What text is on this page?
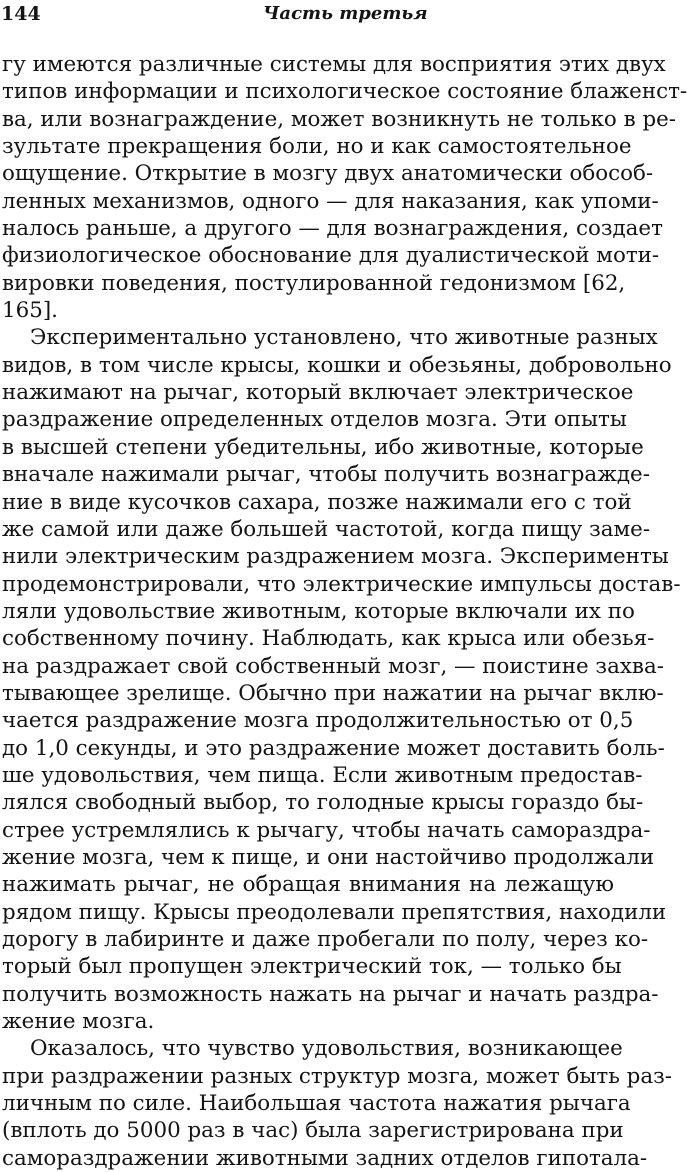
144	Часть третья
гу имеются различные системы для восприятия этих двух
типов информации и психологическое состояние блаженст-
ва, или вознаграждение, может возникнуть не только в ре-
зультате прекращения боли, но и как самостоятельное
ощущение. Открытие в мозгу двух анатомически обособ-
ленных механизмов, одного — для наказания, как упоми-
налось раньше, а другого — для вознаграждения, создает
физиологическое обоснование для дуалистической моти-
вировки поведения, постулированной гедонизмом [62,
165].
Экспериментально установлено, что животные разных
видов, в том числе крысы, кошки и обезьяны, добровольно
нажимают на рычаг, который включает электрическое
раздражение определенных отделов мозга. Эти опыты
в высшей степени убедительны, ибо животные, которые
вначале нажимали рычаг, чтобы получить вознагражде-
ние в виде кусочков сахара, позже нажимали его с той
же самой или даже большей частотой, когда пищу заме-
нили электрическим раздражением мозга. Эксперименты
продемонстрировали, что электрические импульсы достав-
ляли удовольствие животным, которые включали их по
собственному почину. Наблюдать, как крыса или обезья-
на раздражает свой собственный мозг, — поистине захва-
тывающее зрелище. Обычно при нажатии на рычаг вклю-
чается раздражение мозга продолжительностью от 0,5
до 1,0 секунды, и это раздражение может доставить боль-
ше удовольствия, чем пища. Если животным предостав-
лялся свободный выбор, то голодные крысы гораздо бы-
стрее устремлялись к рычагу, чтобы начать самораздра-
жение мозга, чем к пище, и они настойчиво продолжали
нажимать рычаг, не обращая внимания на лежащую
рядом пищу. Крысы преодолевали препятствия, находили
дорогу в лабиринте и даже пробегали по полу, через ко-
торый был пропущен электрический ток, — только бы
получить возможность нажать на рычаг и начать раздра-
жение мозга.
Оказалось, что чувство удовольствия, возникающее
при раздражении разных структур мозга, может быть раз-
личным по силе. Наибольшая частота нажатия рычага
(вплоть до 5000 раз в час) была зарегистрирована при
самораздражении животными задних отделов гипотала-
